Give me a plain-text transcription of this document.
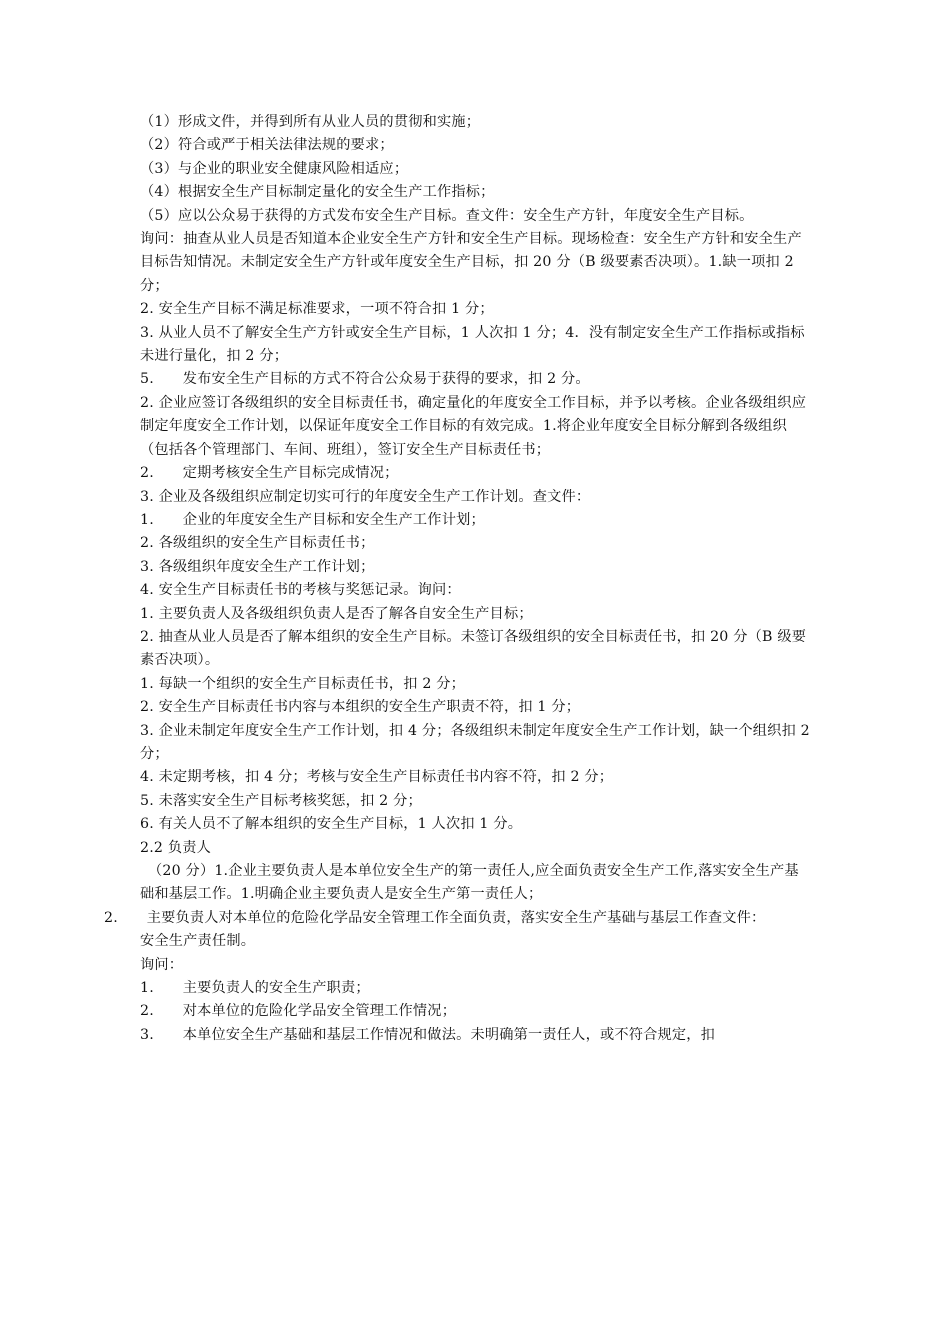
（1）形成文件，并得到所有从业人员的贯彻和实施；

（2）符合或严于相关法律法规的要求；

（3）与企业的职业安全健康风险相适应；

（4）根据安全生产目标制定量化的安全生产工作指标；

（5）应以公众易于获得的方式发布安全生产目标。查文件：安全生产方针，年度安全生产目标。

询问：抽查从业人员是否知道本企业安全生产方针和安全生产目标。现场检查：安全生产方针和安全生产目标告知情况。未制定安全生产方针或年度安全生产目标，扣 20 分（B 级要素否决项）。1.缺一项扣 2 分；

2. 安全生产目标不满足标准要求，一项不符合扣 1 分；

3. 从业人员不了解安全生产方针或安全生产目标，1 人次扣 1 分；4．没有制定安全生产工作指标或指标未进行量化，扣 2 分；

5.　　发布安全生产目标的方式不符合公众易于获得的要求，扣 2 分。

2. 企业应签订各级组织的安全目标责任书，确定量化的年度安全工作目标，并予以考核。企业各级组织应制定年度安全工作计划，以保证年度安全工作目标的有效完成。1.将企业年度安全目标分解到各级组织（包括各个管理部门、车间、班组），签订安全生产目标责任书；

2.　　定期考核安全生产目标完成情况；

3. 企业及各级组织应制定切实可行的年度安全生产工作计划。查文件：

1.　　企业的年度安全生产目标和安全生产工作计划；

2. 各级组织的安全生产目标责任书；

3. 各级组织年度安全生产工作计划；

4. 安全生产目标责任书的考核与奖惩记录。询问：

1. 主要负责人及各级组织负责人是否了解各自安全生产目标；

2. 抽查从业人员是否了解本组织的安全生产目标。未签订各级组织的安全目标责任书，扣 20 分（B 级要素否决项）。

1. 每缺一个组织的安全生产目标责任书，扣 2 分；

2. 安全生产目标责任书内容与本组织的安全生产职责不符，扣 1 分；

3. 企业未制定年度安全生产工作计划，扣 4 分；各级组织未制定年度安全生产工作计划，缺一个组织扣 2 分；

4. 未定期考核，扣 4 分；考核与安全生产目标责任书内容不符，扣 2 分；

5. 未落实安全生产目标考核奖惩，扣 2 分；

6. 有关人员不了解本组织的安全生产目标，1 人次扣 1 分。

2.2 负责人

（20 分）1.企业主要负责人是本单位安全生产的第一责任人,应全面负责安全生产工作,落实安全生产基础和基层工作。1.明确企业主要负责人是安全生产第一责任人；

2.　　主要负责人对本单位的危险化学品安全管理工作全面负责，落实安全生产基础与基层工作查文件：

安全生产责任制。

询问：

1.　　主要负责人的安全生产职责；

2.　　对本单位的危险化学品安全管理工作情况；

3.　　本单位安全生产基础和基层工作情况和做法。未明确第一责任人，或不符合规定，扣
